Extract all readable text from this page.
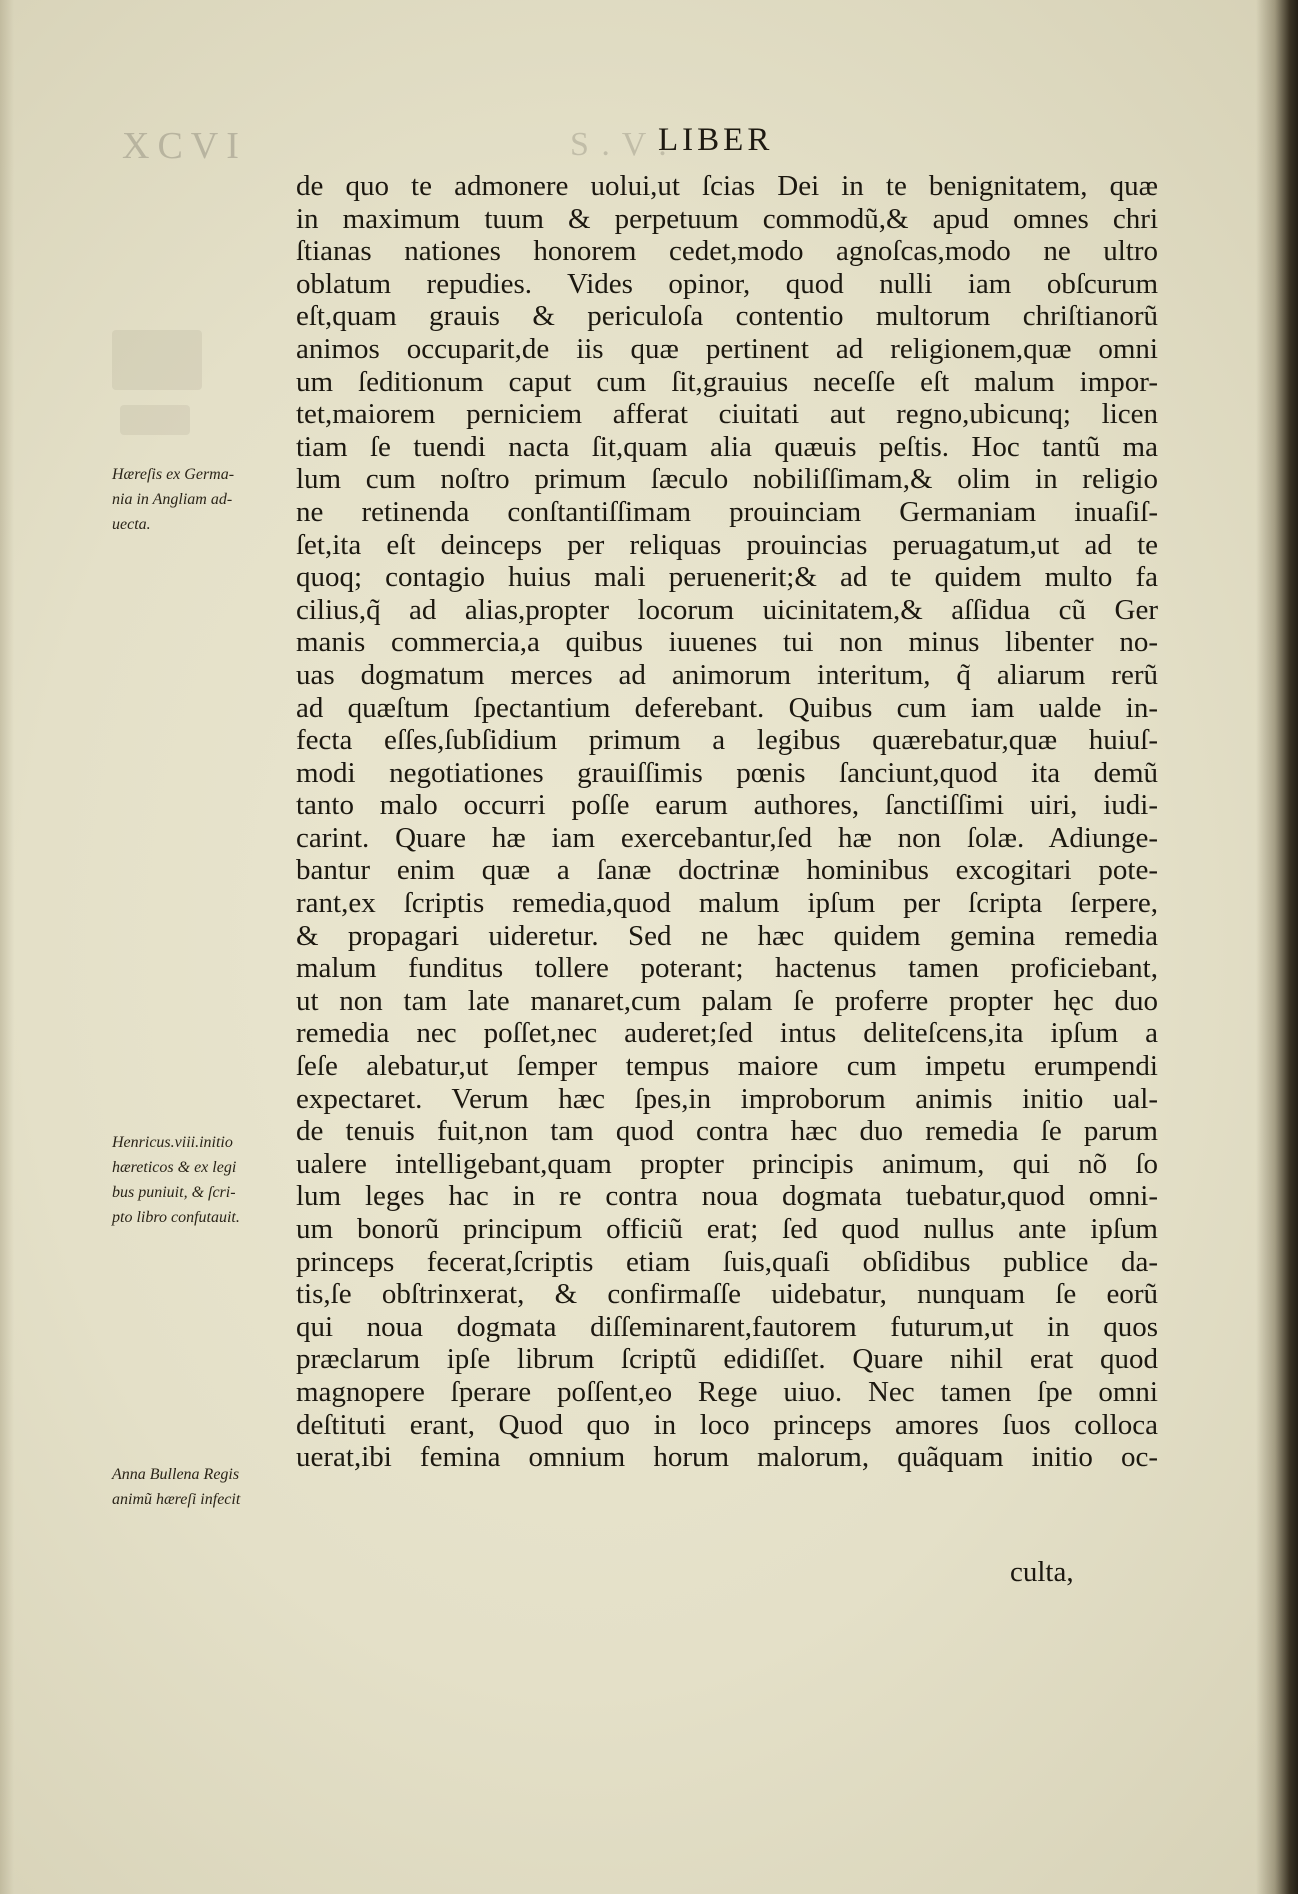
XCVI	S . V .
LIBER
de quo te admonere uolui,ut ſcias Dei in te benignitatem, quæ
in maximum tuum & perpetuum commodũ,& apud omnes chri
ſtianas nationes honorem cedet,modo agnoſcas,modo ne ultro
oblatum repudies. Vides opinor, quod nulli iam obſcurum
eſt,quam grauis & periculoſa contentio multorum chriſtianorũ
animos occuparit,de iis quæ pertinent ad religionem,quæ omni
um ſeditionum caput cum ſit,grauius neceſſe eſt malum impor-
tet,maiorem perniciem afferat ciuitati aut regno,ubicunq; licen
tiam ſe tuendi nacta ſit,quam alia quæuis peſtis. Hoc tantũ ma
lum cum noſtro primum ſæculo nobiliſſimam,& olim in religio
ne retinenda conſtantiſſimam prouinciam Germaniam inuaſiſ-
ſet,ita eſt deinceps per reliquas prouincias peruagatum,ut ad te
quoq; contagio huius mali peruenerit;& ad te quidem multo fa
cilius,q̃ ad alias,propter locorum uicinitatem,& aſſidua cũ Ger
manis commercia,a quibus iuuenes tui non minus libenter no-
uas dogmatum merces ad animorum interitum, q̃ aliarum rerũ
ad quæſtum ſpectantium deferebant. Quibus cum iam ualde in-
fecta eſſes,ſubſidium primum a legibus quærebatur,quæ huiuſ-
modi negotiationes grauiſſimis pœnis ſanciunt,quod ita demũ
tanto malo occurri poſſe earum authores, ſanctiſſimi uiri, iudi-
carint. Quare hæ iam exercebantur,ſed hæ non ſolæ. Adiunge-
bantur enim quæ a ſanæ doctrinæ hominibus excogitari pote-
rant,ex ſcriptis remedia,quod malum ipſum per ſcripta ſerpere,
& propagari uideretur. Sed ne hæc quidem gemina remedia
malum funditus tollere poterant; hactenus tamen proficiebant,
ut non tam late manaret,cum palam ſe proferre propter hęc duo
remedia nec poſſet,nec auderet;ſed intus deliteſcens,ita ipſum a
ſeſe alebatur,ut ſemper tempus maiore cum impetu erumpendi
expectaret. Verum hæc ſpes,in improborum animis initio ual-
de tenuis fuit,non tam quod contra hæc duo remedia ſe parum
ualere intelligebant,quam propter principis animum, qui nõ ſo
lum leges hac in re contra noua dogmata tuebatur,quod omni-
um bonorũ principum officiũ erat; ſed quod nullus ante ipſum
princeps fecerat,ſcriptis etiam ſuis,quaſi obſidibus publice da-
tis,ſe obſtrinxerat, & confirmaſſe uidebatur, nunquam ſe eorũ
qui noua dogmata diſſeminarent,fautorem futurum,ut in quos
præclarum ipſe librum ſcriptũ edidiſſet. Quare nihil erat quod
magnopere ſperare poſſent,eo Rege uiuo. Nec tamen ſpe omni
deſtituti erant, Quod quo in loco princeps amores ſuos colloca
uerat,ibi femina omnium horum malorum, quãquam initio oc-
culta,
Hæreſis ex Germa-
nia in Angliam ad-
uecta.
Henricus.viii.initio
hæreticos & ex legi
bus puniuit, & ſcri-
pto libro confutauit.
Anna Bullena Regis
animũ hæreſi infecit
